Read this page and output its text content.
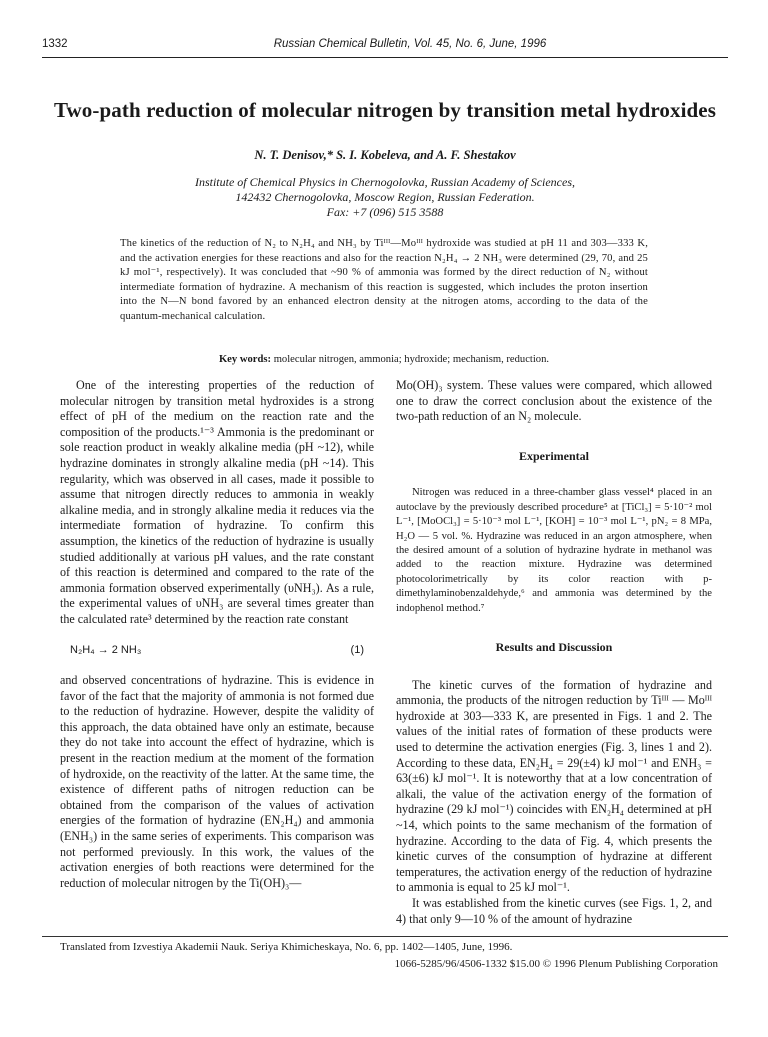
1332	Russian Chemical Bulletin, Vol. 45, No. 6, June, 1996
Two-path reduction of molecular nitrogen by transition metal hydroxides
N. T. Denisov,* S. I. Kobeleva, and A. F. Shestakov
Institute of Chemical Physics in Chernogolovka, Russian Academy of Sciences,
142432 Chernogolovka, Moscow Region, Russian Federation.
Fax: +7 (096) 515 3588
The kinetics of the reduction of N₂ to N₂H₄ and NH₃ by Tiᴵᴵᴵ—Moᴵᴵᴵ hydroxide was studied at pH 11 and 303—333 K, and the activation energies for these reactions and also for the reaction N₂H₄ → 2 NH₃ were determined (29, 70, and 25 kJ mol⁻¹, respectively). It was concluded that ~90 % of ammonia was formed by the direct reduction of N₂ without intermediate formation of hydrazine. A mechanism of this reaction is suggested, which includes the proton insertion into the N—N bond favored by an enhanced electron density at the nitrogen atoms, according to the data of the quantum-mechanical calculation.
Key words: molecular nitrogen, ammonia; hydroxide; mechanism, reduction.

One of the interesting properties of the reduction of molecular nitrogen by transition metal hydroxides is a strong effect of pH of the medium on the reaction rate and the composition of the products.¹⁻³ Ammonia is the predominant or sole reaction product in weakly alkaline media (pH ~12), while hydrazine dominates in strongly alkaline media (pH ~14). This regularity, which was observed in all cases, made it possible to assume that nitrogen directly reduces to ammonia in weakly alkaline media, and in strongly alkaline media it reduces via the intermediate formation of hydrazine. To confirm this assumption, the kinetics of the reduction of hydrazine is usually studied additionally at various pH values, and the rate constant of this reaction is determined and compared to the rate of the ammonia formation observed experimentally (υNH₃). As a rule, the experimental values of υNH₃ are several times greater than the calculated rate³ determined by the reaction rate constant

N₂H₄ → 2 NH₃	(1)

and observed concentrations of hydrazine. This is evidence in favor of the fact that the majority of ammonia is not formed due to the reduction of hydrazine. However, despite the validity of this approach, the data obtained have only an estimate, because they do not take into account the effect of hydrazine, which is present in the reaction medium at the moment of the formation of hydroxide, on the reactivity of the latter. At the same time, the existence of different paths of nitrogen reduction can be obtained from the comparison of the values of activation energies of the formation of hydrazine (EN₂H₄) and ammonia (ENH₃) in the same series of experiments. This comparison was not performed previously. In this work, the values of the activation energies of both reactions were determined for the reduction of molecular nitrogen by the Ti(OH)₃—

Mo(OH)₃ system. These values were compared, which allowed one to draw the correct conclusion about the existence of the two-path reduction of an N₂ molecule.

Experimental

Nitrogen was reduced in a three-chamber glass vessel⁴ placed in an autoclave by the previously described procedure⁵ at [TiCl₃] = 5·10⁻² mol L⁻¹, [MoOCl₃] = 5·10⁻³ mol L⁻¹, [KOH] = 10⁻³ mol L⁻¹, pN₂ = 8 MPa, H₂O — 5 vol. %. Hydrazine was reduced in an argon atmosphere, when the desired amount of a solution of hydrazine hydrate in methanol was added to the reaction mixture. Hydrazine was determined photocolorimetrically by its color reaction with p-dimethylaminobenzaldehyde,⁶ and ammonia was determined by the indophenol method.⁷

Results and Discussion

The kinetic curves of the formation of hydrazine and ammonia, the products of the nitrogen reduction by Tiᴵᴵᴵ — Moᴵᴵᴵ hydroxide at 303—333 K, are presented in Figs. 1 and 2. The values of the initial rates of formation of these products were used to determine the activation energies (Fig. 3, lines 1 and 2). According to these data, EN₂H₄ = 29(±4) kJ mol⁻¹ and ENH₃ = 63(±6) kJ mol⁻¹. It is noteworthy that at a low concentration of alkali, the value of the activation energy of the formation of hydrazine (29 kJ mol⁻¹) coincides with EN₂H₄ determined at pH ~14, which points to the same mechanism of the formation of hydrazine. According to the data of Fig. 4, which presents the kinetic curves of the consumption of hydrazine at different temperatures, the activation energy of the reduction of hydrazine to ammonia is equal to 25 kJ mol⁻¹.

It was established from the kinetic curves (see Figs. 1, 2, and 4) that only 9—10 % of the amount of hydrazine

Translated from Izvestiya Akademii Nauk. Seriya Khimicheskaya, No. 6, pp. 1402—1405, June, 1996.
1066-5285/96/4506-1332 $15.00 © 1996 Plenum Publishing Corporation
